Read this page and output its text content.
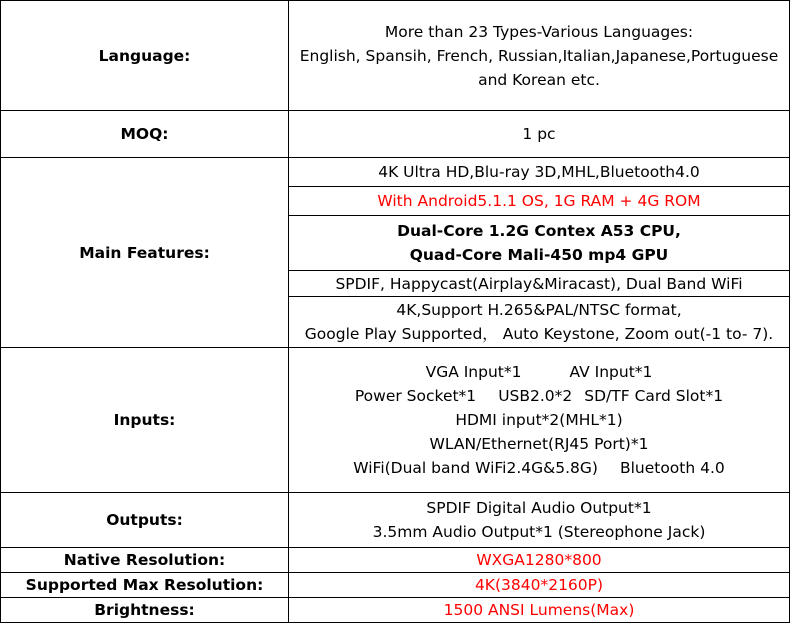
Language:	More than 23 Types-Various Languages:
English, Spansih, French, Russian,Italian,Japanese,Portuguese
and Korean etc.

MOQ:	1 pc
Main Features:	4K Ultra HD,Blu-ray 3D,MHL,Bluetooth4.0
	With Android5.1.1 OS, 1G RAM + 4G ROM

	Dual-Core 1.2G Contex A53 CPU,
Quad-Core Mali-450 mp4 GPU

	SPDIF, Happycast(Airplay&Miracast), Dual Band WiFi

	4K,Support H.265&PAL/NTSC format,
Google Play Supported， Auto Keystone, Zoom out(-1 to- 7).

Inputs:	VGA Input*1 AV Input*1
Power Socket*1 USB2.0*2 SD/TF Card Slot*1
HDMI input*2(MHL*1)
WLAN/Ethernet(RJ45 Port)*1
WiFi(Dual band WiFi2.4G&5.8G) Bluetooth 4.0

Outputs:	SPDIF Digital Audio Output*1
3.5mm Audio Output*1 (Stereophone Jack)

Native Resolution:	WXGA1280*800
Supported Max Resolution:	4K(3840*2160P)
Brightness:	1500 ANSI Lumens(Max)
